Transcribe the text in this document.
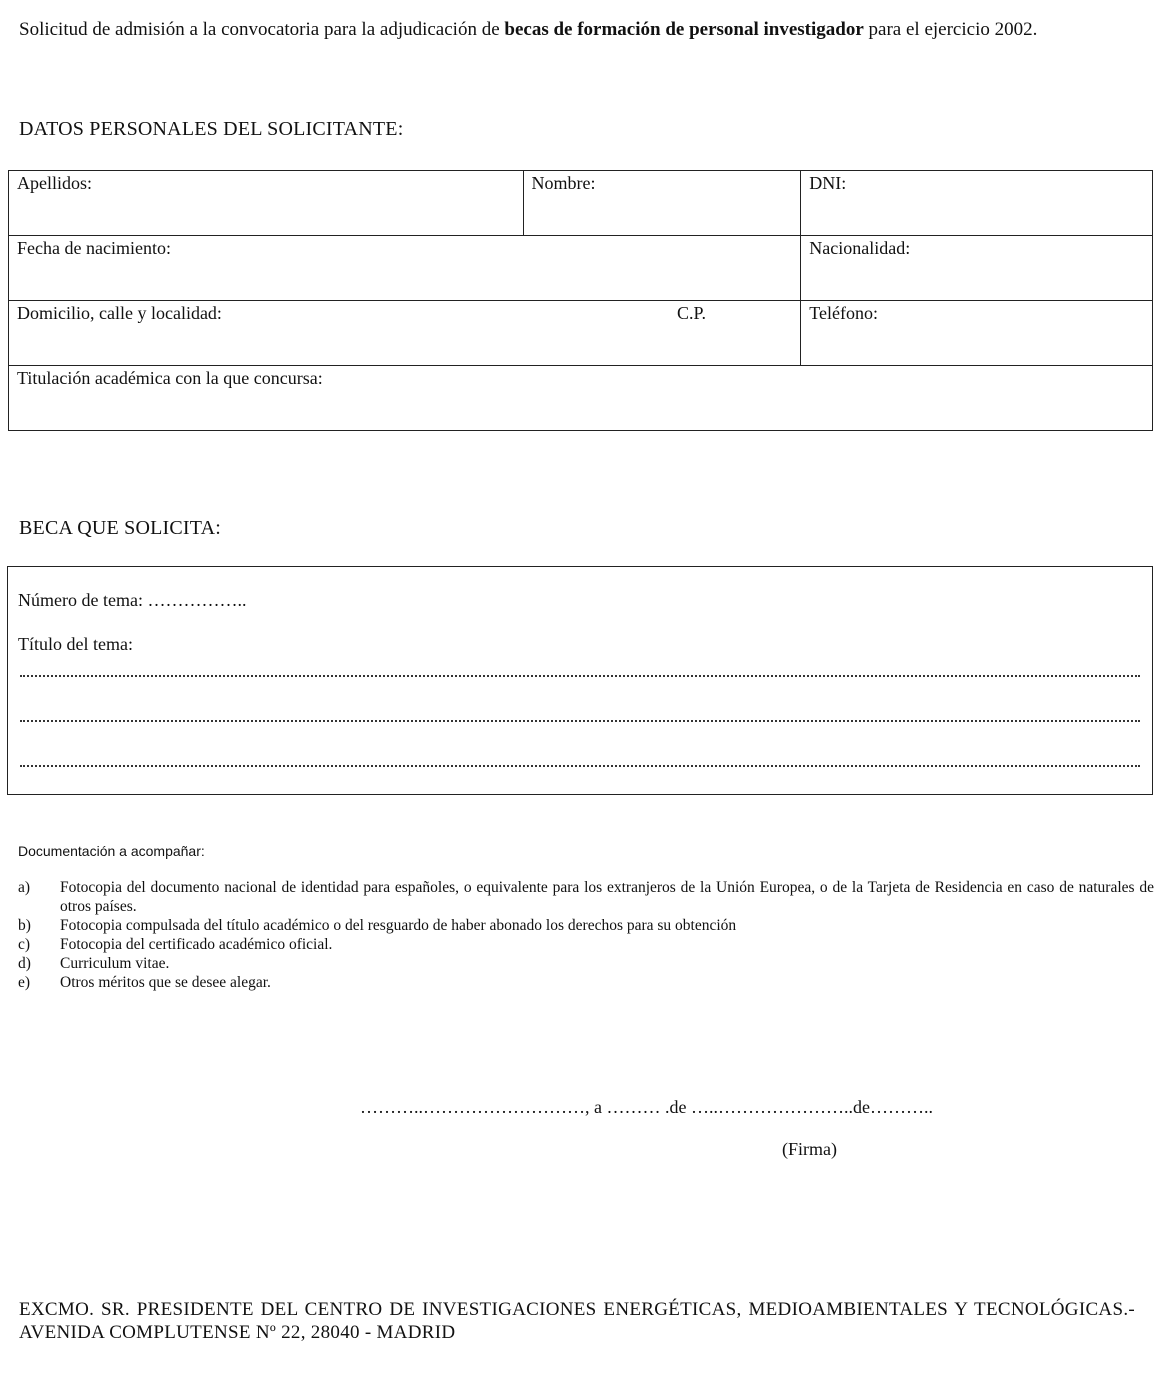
Solicitud de admisión a la convocatoria para la adjudicación de becas de formación de personal investigador para el ejercicio 2002.
DATOS PERSONALES DEL SOLICITANTE:
Apellidos:	Nombre:	DNI:
Fecha de nacimiento:		Nacionalidad:
Domicilio, calle y localidad: C.P.		Teléfono:
Titulación académica con la que concursa:		
BECA QUE SOLICITA:
Número de tema: ……………..
Título del tema:
Documentación a acompañar:
a)	Fotocopia del documento nacional de identidad para españoles, o equivalente para los extranjeros de la Unión Europea, o de la Tarjeta de Residencia en caso de naturales de otros países.
b)	Fotocopia compulsada del título académico o del resguardo de haber abonado los derechos para su obtención
c)	Fotocopia del certificado académico oficial.
d)	Curriculum vitae.
e)	Otros méritos que se desee alegar.
………..………………………, a ……… .de …..…………………..de………..
(Firma)
EXCMO. SR. PRESIDENTE DEL CENTRO DE INVESTIGACIONES ENERGÉTICAS, MEDIOAMBIENTALES Y TECNOLÓGICAS.- AVENIDA COMPLUTENSE Nº 22, 28040 - MADRID
